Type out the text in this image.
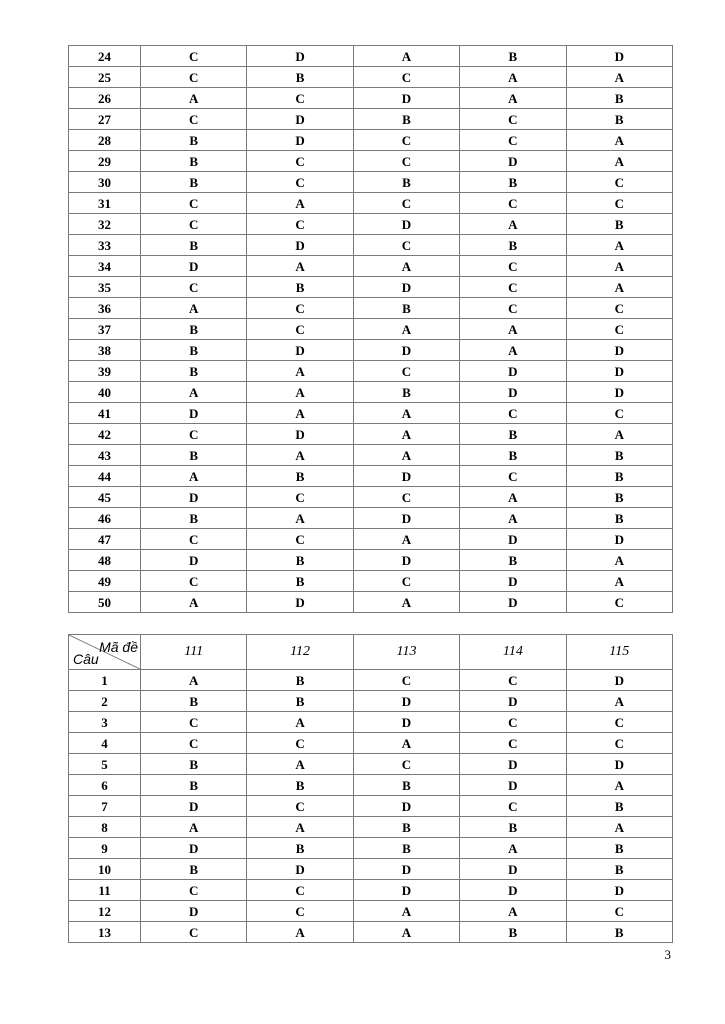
24	C	D	A	B	D
25	C	B	C	A	A
26	A	C	D	A	B
27	C	D	B	C	B
28	B	D	C	C	A
29	B	C	C	D	A
30	B	C	B	B	C
31	C	A	C	C	C
32	C	C	D	A	B
33	B	D	C	B	A
34	D	A	A	C	A
35	C	B	D	C	A
36	A	C	B	C	C
37	B	C	A	A	C
38	B	D	D	A	D
39	B	A	C	D	D
40	A	A	B	D	D
41	D	A	A	C	C
42	C	D	A	B	A
43	B	A	A	B	B
44	A	B	D	C	B
45	D	C	C	A	B
46	B	A	D	A	B
47	C	C	A	D	D
48	D	B	D	B	A
49	C	B	C	D	A
50	A	D	A	D	C
Mã đề
Câu	111	112	113	114	115
1	A	B	C	C	D
2	B	B	D	D	A
3	C	A	D	C	C
4	C	C	A	C	C
5	B	A	C	D	D
6	B	B	B	D	A
7	D	C	D	C	B
8	A	A	B	B	A
9	D	B	B	A	B
10	B	D	D	D	B
11	C	C	D	D	D
12	D	C	A	A	C
13	C	A	A	B	B
3
